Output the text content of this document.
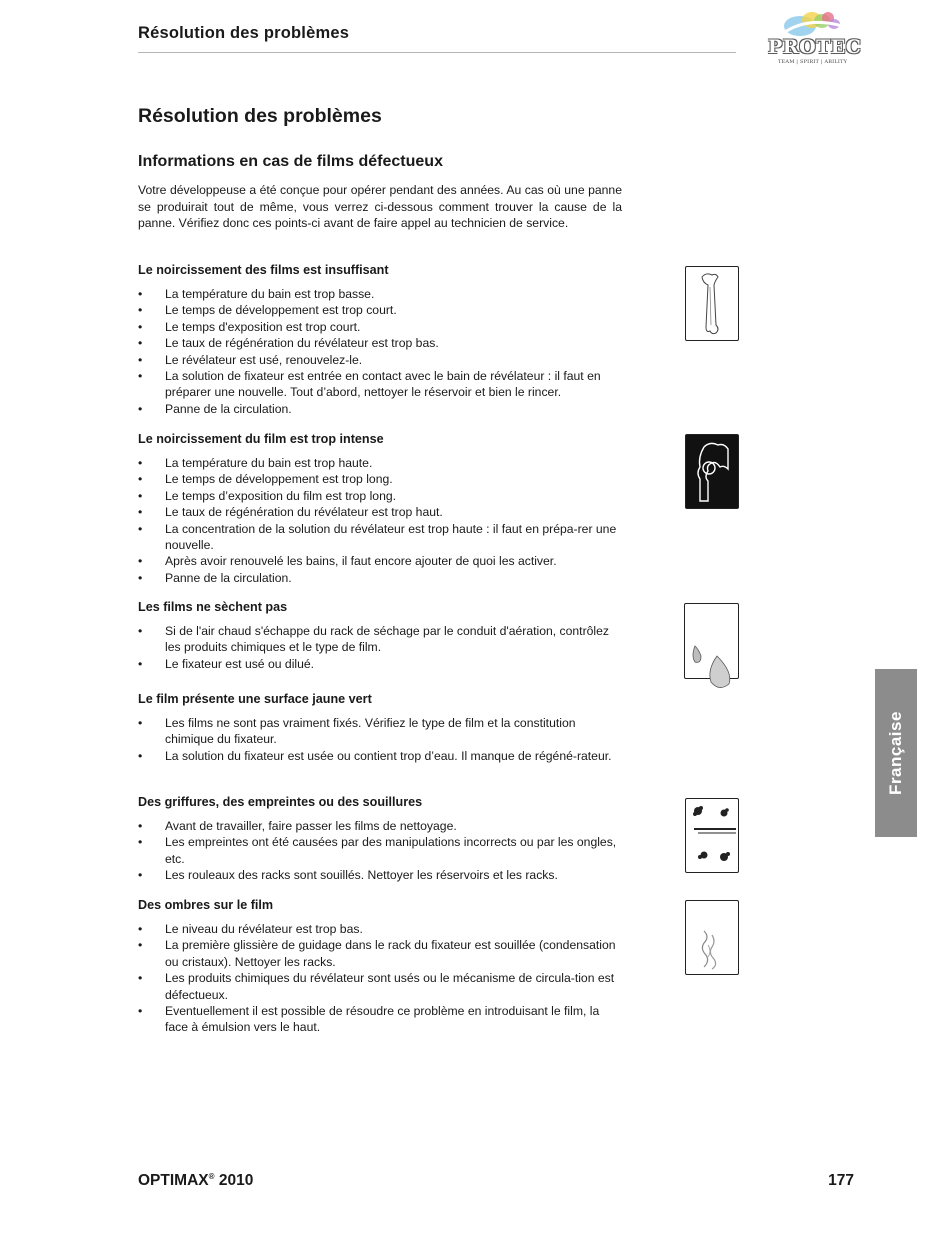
Résolution des problèmes
PROTEC
TEAM | SPIRIT | ABILITY
Résolution des problèmes
Informations en cas de films défectueux

Votre développeuse a été conçue pour opérer pendant des années. Au cas où une panne se produirait tout de même, vous verrez ci-dessous comment trouver la cause de la panne. Vérifiez donc ces points-ci avant de faire appel au technicien de service.

Le noircissement des films est insuffisant
• La température du bain est trop basse.
• Le temps de développement est trop court.
• Le temps d'exposition est trop court.
• Le taux de régénération du révélateur est trop bas.
• Le révélateur est usé, renouvelez-le.
• La solution de fixateur est entrée en contact avec le bain de révélateur : il faut en préparer une nouvelle. Tout d’abord, nettoyer le réservoir et bien le rincer.
• Panne de la circulation.
Le noircissement du film est trop intense
• La température du bain est trop haute.
• Le temps de développement est trop long.
• Le temps d’exposition du film est trop long.
• Le taux de régénération du révélateur est trop haut.
• La concentration de la solution du révélateur est trop haute : il faut en prépa-rer une nouvelle.
• Après avoir renouvelé les bains, il faut encore ajouter de quoi les activer.
• Panne de la circulation.
Les films ne sèchent pas
• Si de l'air chaud s'échappe du rack de séchage par le conduit d'aération, contrôlez les produits chimiques et le type de film.
• Le fixateur est usé ou dilué.
Le film présente une surface jaune vert
• Les films ne sont pas vraiment fixés. Vérifiez le type de film et la constitution chimique du fixateur.
• La solution du fixateur est usée ou contient trop d’eau. Il manque de régéné-rateur.
Des griffures, des empreintes ou des souillures
• Avant de travailler, faire passer les films de nettoyage.
• Les empreintes ont été causées par des manipulations incorrects ou par les ongles, etc.
• Les rouleaux des racks sont souillés. Nettoyer les réservoirs et les racks.
Des ombres sur le film
• Le niveau du révélateur est trop bas.
• La première glissière de guidage dans le rack du fixateur est souillée (condensation ou cristaux). Nettoyer les racks.
• Les produits chimiques du révélateur sont usés ou le mécanisme de circula-tion est défectueux.
• Eventuellement il est possible de résoudre ce problème en introduisant le film, la face à émulsion vers le haut.
Française
OPTIMAX® 2010	177
